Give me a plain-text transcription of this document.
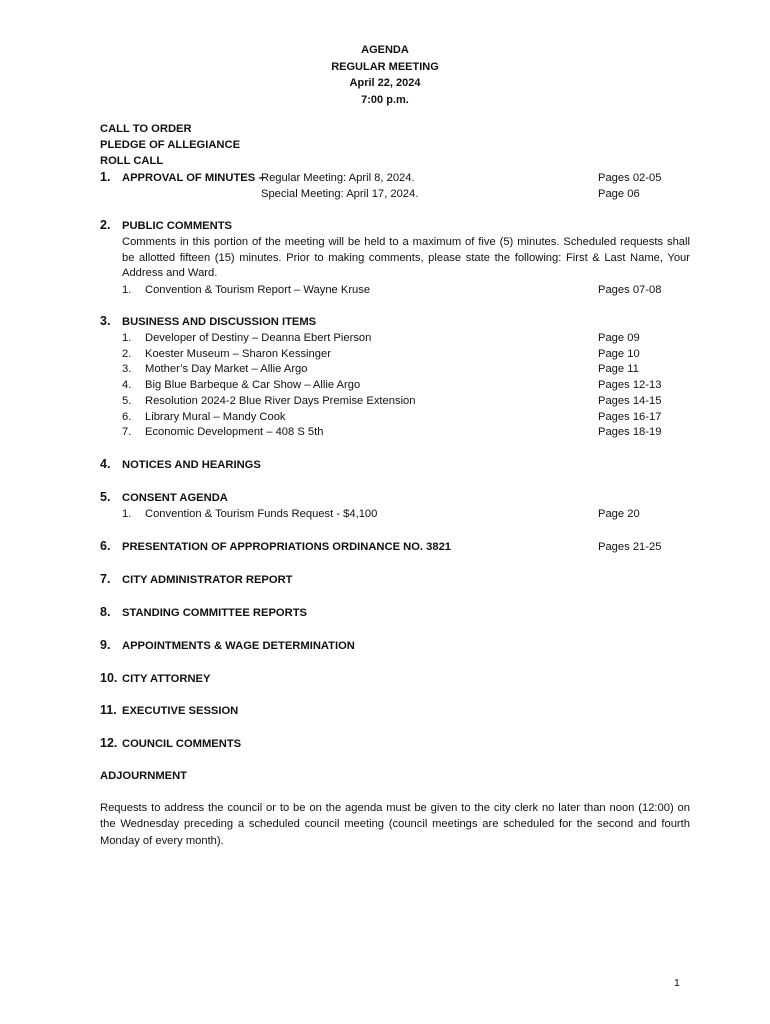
AGENDA
REGULAR MEETING
April 22, 2024
7:00 p.m.
CALL TO ORDER
PLEDGE OF ALLEGIANCE
ROLL CALL
1. APPROVAL OF MINUTES –
Regular Meeting: April 8, 2024.	Pages 02-05
Special Meeting: April 17, 2024.	Page 06
2. PUBLIC COMMENTS
Comments in this portion of the meeting will be held to a maximum of five (5) minutes. Scheduled requests shall be allotted fifteen (15) minutes. Prior to making comments, please state the following: First & Last Name, Your Address and Ward.
1. Convention & Tourism Report – Wayne Kruse	Pages 07-08
3. BUSINESS AND DISCUSSION ITEMS
1. Developer of Destiny – Deanna Ebert Pierson	Page 09
2. Koester Museum – Sharon Kessinger	Page 10
3. Mother’s Day Market – Allie Argo	Page 11
4. Big Blue Barbeque & Car Show – Allie Argo	Pages 12-13
5. Resolution 2024-2 Blue River Days Premise Extension	Pages 14-15
6. Library Mural – Mandy Cook	Pages 16-17
7. Economic Development – 408 S 5th	Pages 18-19
4. NOTICES AND HEARINGS
5. CONSENT AGENDA
1. Convention & Tourism Funds Request - $4,100	Page 20
6. PRESENTATION OF APPROPRIATIONS ORDINANCE NO. 3821	Pages 21-25
7. CITY ADMINISTRATOR REPORT
8. STANDING COMMITTEE REPORTS
9. APPOINTMENTS & WAGE DETERMINATION
10. CITY ATTORNEY
11. EXECUTIVE SESSION
12. COUNCIL COMMENTS
ADJOURNMENT
Requests to address the council or to be on the agenda must be given to the city clerk no later than noon (12:00) on the Wednesday preceding a scheduled council meeting (council meetings are scheduled for the second and fourth Monday of every month).
1
